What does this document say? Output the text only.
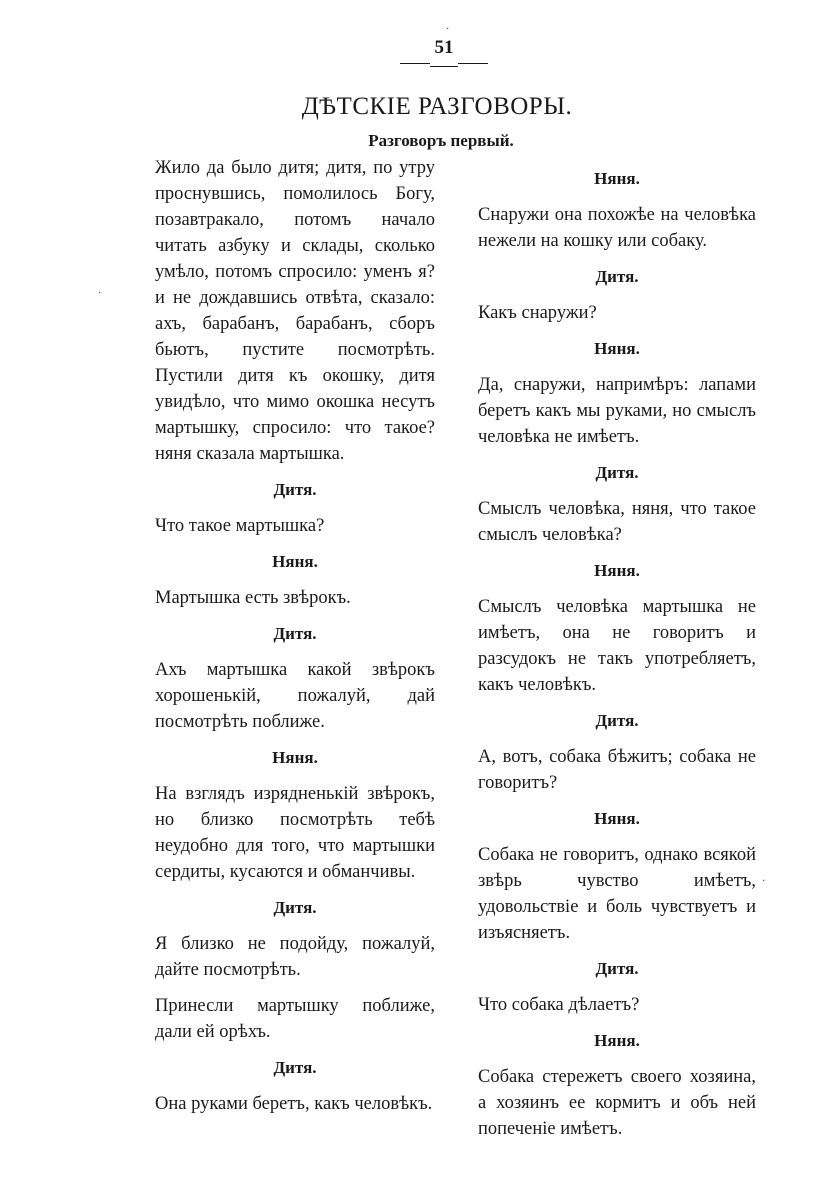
51
ДѢТСКІЕ РАЗГОВОРЫ.
Разговоръ первый.
Жило да было дитя; дитя, по утру проснувшись, помолилось Богу, позавтракало, потомъ начало читать азбуку и склады, сколько умѣло, потомъ спросило: уменъ я? и не дождавшись отвѣта, сказало: ахъ, барабанъ, барабанъ, сборъ бьютъ, пустите посмотрѣть. Пустили дитя къ окошку, дитя увидѣло, что мимо окошка несутъ мартышку, спросило: что такое? няня сказала мартышка.
Дитя.
Что такое мартышка?
Няня.
Мартышка есть звѣрокъ.
Дитя.
Ахъ мартышка какой звѣрокъ хорошенькій, пожалуй, дай посмотрѣть поближе.
Няня.
На взглядъ изрядненькій звѣрокъ, но близко посмотрѣть тебѣ неудобно для того, что мартышки сердиты, кусаются и обманчивы.
Дитя.
Я близко не подойду, пожалуй, дайте посмотрѣть.
Принесли мартышку поближе, дали ей орѣхъ.
Дитя.
Она руками беретъ, какъ человѣкъ.
Няня.
Снаружи она похожѣе на человѣка нежели на кошку или собаку.
Дитя.
Какъ снаружи?
Няня.
Да, снаружи, напримѣръ: лапами беретъ какъ мы руками, но смыслъ человѣка не имѣетъ.
Дитя.
Смыслъ человѣка, няня, что такое смыслъ человѣка?
Няня.
Смыслъ человѣка мартышка не имѣетъ, она не говоритъ и разсудокъ не такъ употребляетъ, какъ человѣкъ.
Дитя.
А, вотъ, собака бѣжитъ; собака не говоритъ?
Няня.
Собака не говоритъ, однако всякой звѣрь чувство имѣетъ, удовольствіе и боль чувствуетъ и изъясняетъ.
Дитя.
Что собака дѣлаетъ?
Няня.
Собака стережетъ своего хозяина, а хозяинъ ее кормитъ и объ ней попеченіе имѣетъ.
·
·
·
